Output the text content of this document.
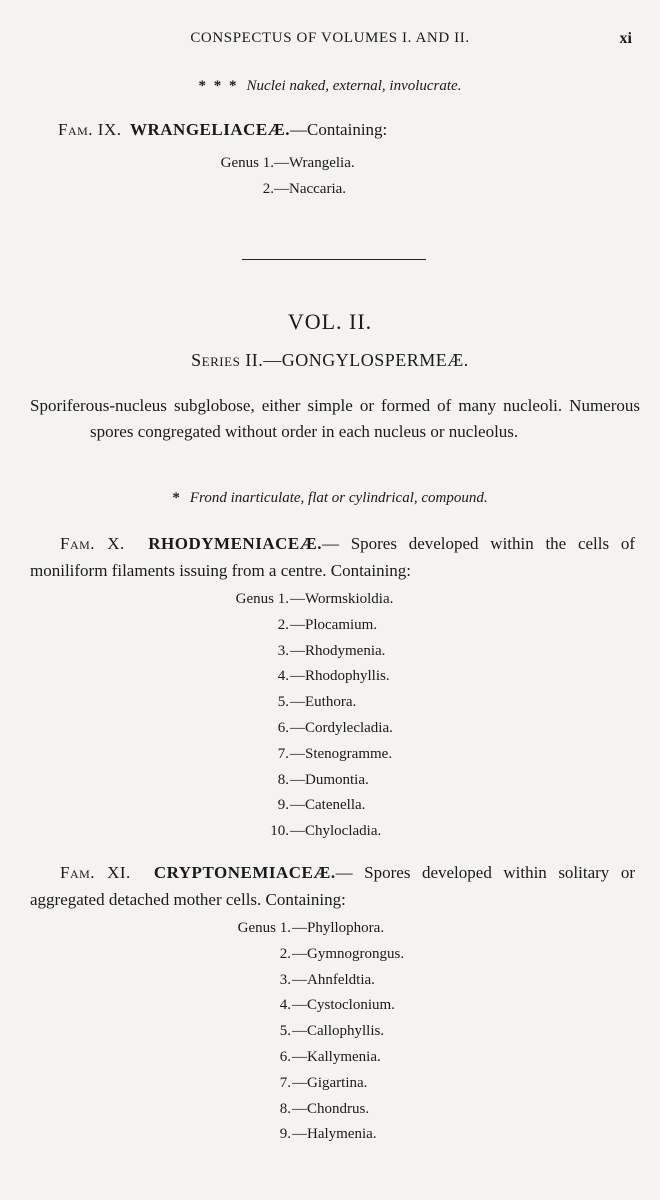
CONSPECTUS OF VOLUMES I. AND II.	xi
* * * Nuclei naked, external, involucrate.
Fam. IX. WRANGELIACEÆ.—Containing:
Genus 1. —Wrangelia.
2. —Naccaria.
VOL. II.
Series II.—GONGYLOSPERMEÆ.
Sporiferous-nucleus subglobose, either simple or formed of many nucleoli. Numerous spores congregated without order in each nucleus or nucleolus.
* Frond inarticulate, flat or cylindrical, compound.
Fam. X. RHODYMENIACEÆ.— Spores developed within the cells of moniliform filaments issuing from a centre. Containing:
Genus 1. —Wormskioldia.
2. —Plocamium.
3. —Rhodymenia.
4. —Rhodophyllis.
5. —Euthora.
6. —Cordylecladia.
7. —Stenogramme.
8. —Dumontia.
9. —Catenella.
10. —Chylocladia.
Fam. XI. CRYPTONEMIACEÆ.— Spores developed within solitary or aggregated detached mother cells. Containing:
Genus 1. —Phyllophora.
2. —Gymnogrongus.
3. —Ahnfeldtia.
4. —Cystoclonium.
5. —Callophyllis.
6. —Kallymenia.
7. —Gigartina.
8. —Chondrus.
9. —Halymenia.
